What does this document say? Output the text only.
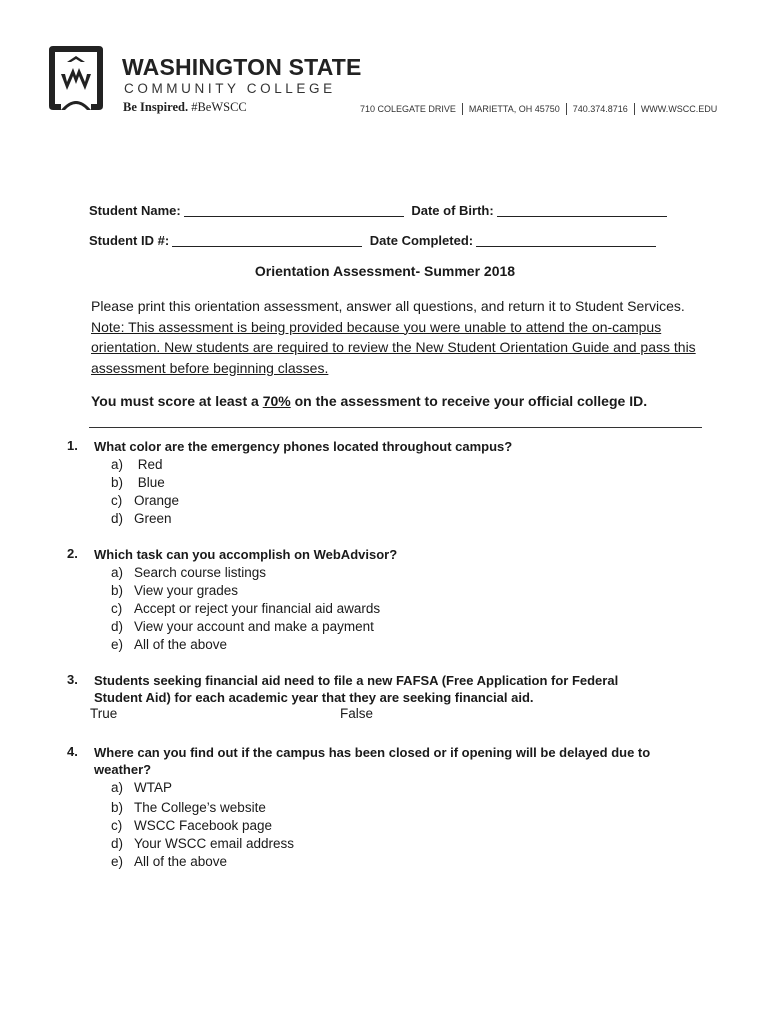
WASHINGTON STATE
COMMUNITY COLLEGE
Be Inspired. #BeWSCC	710 COLEGATE DRIVE MARIETTA, OH 45750 740.374.8716 WWW.WSCC.EDU
Student Name:	Date of Birth:
Student ID #:	Date Completed:
Orientation Assessment- Summer 2018
Please print this orientation assessment, answer all questions, and return it to Student Services. Note: This assessment is being provided because you were unable to attend the on-campus orientation. New students are required to review the New Student Orientation Guide and pass this assessment before beginning classes.
You must score at least a 70% on the assessment to receive your official college ID.
1. What color are the emergency phones located throughout campus?
a) Red
b) Blue
c) Orange
d) Green
2. Which task can you accomplish on WebAdvisor?
a) Search course listings
b) View your grades
c) Accept or reject your financial aid awards
d) View your account and make a payment
e) All of the above
3. Students seeking financial aid need to file a new FAFSA (Free Application for Federal Student Aid) for each academic year that they are seeking financial aid.
True	False
4. Where can you find out if the campus has been closed or if opening will be delayed due to weather?
a) WTAP
b) The College’s website
c) WSCC Facebook page
d) Your WSCC email address
e) All of the above
